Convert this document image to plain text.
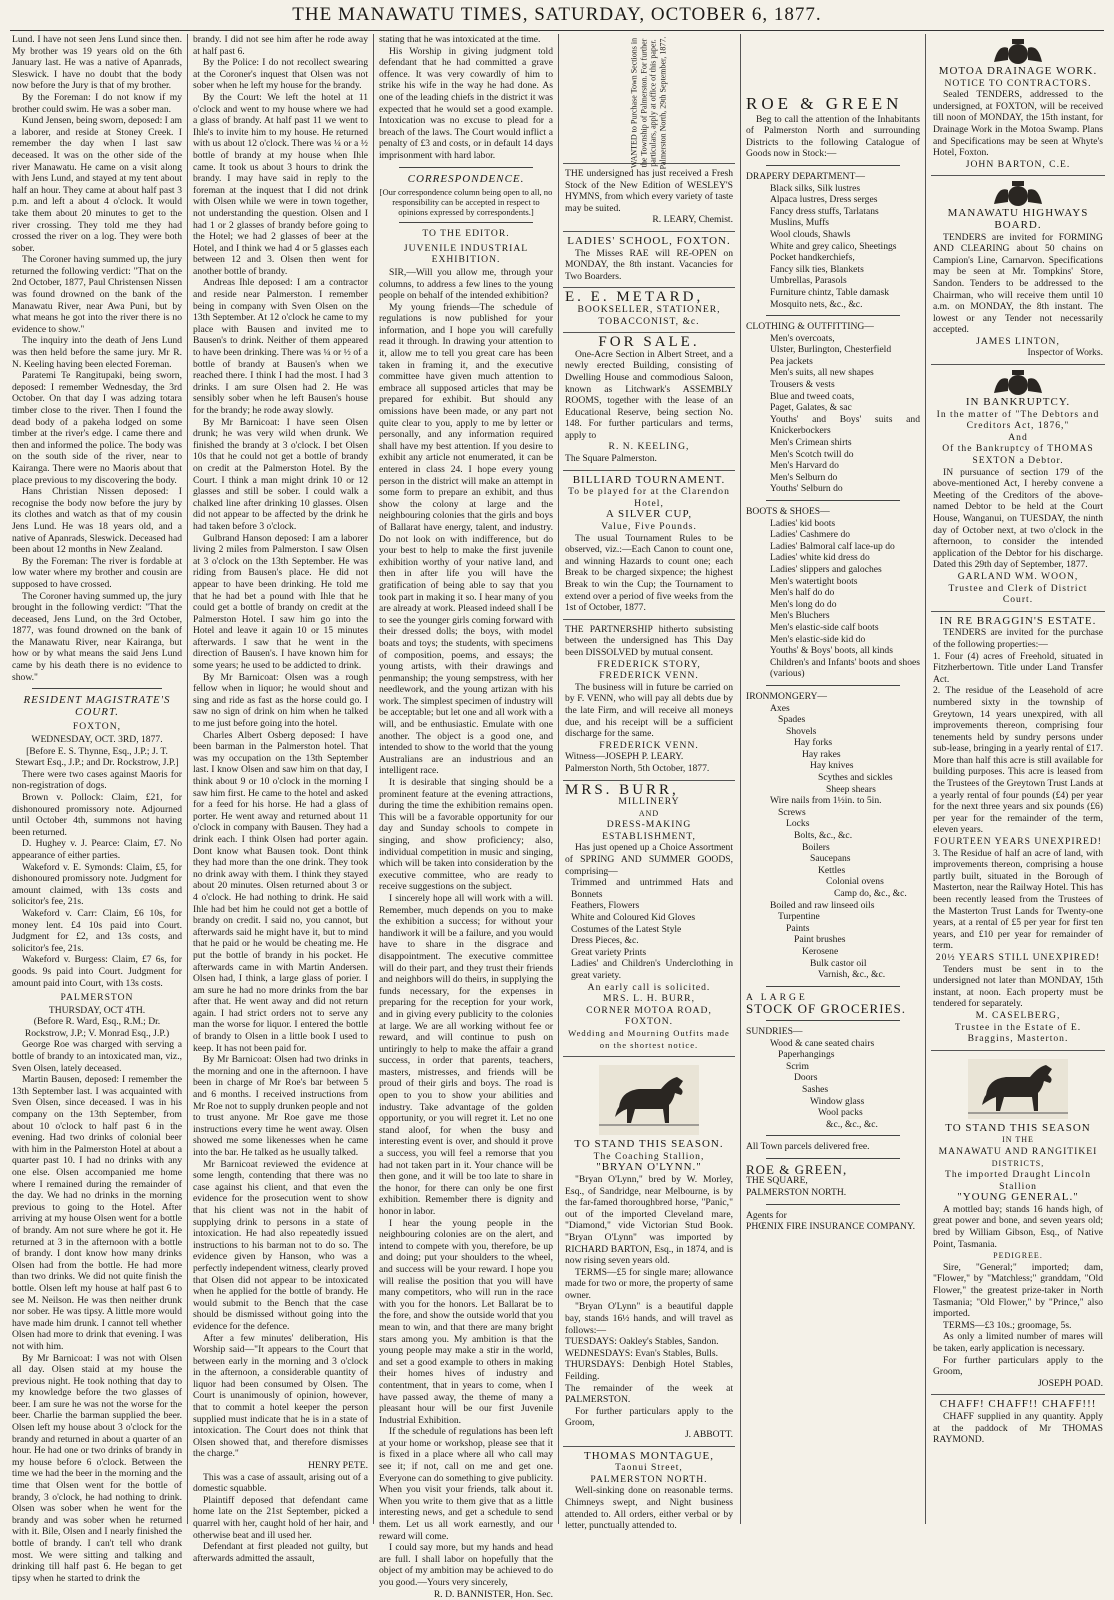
THE MANAWATU TIMES, SATURDAY, OCTOBER 6, 1877.

Lund. I have not seen Jens Lund since then. My brother was 19 years old on the 6th January last. He was a native of Apanrads, Sleswick. I have no doubt that the body now before the Jury is that of my brother.

By the Foreman: I do not know if my brother could swim. He was a sober man.

Kund Jensen, being sworn, deposed: I am a laborer, and reside at Stoney Creek. I remember the day when I last saw deceased. It was on the other side of the river Manawatu. He came on a visit along with Jens Lund, and stayed at my tent about half an hour. They came at about half past 3 p.m. and left a about 4 o'clock. It would take them about 20 minutes to get to the river crossing. They told me they had crossed the river on a log. They were both sober.

The Coroner having summed up, the jury returned the following verdict: "That on the 2nd October, 1877, Paul Christensen Nissen was found drowned on the bank of the Manawatu River, near Awa Puni, but by what means he got into the river there is no evidence to show."

The inquiry into the death of Jens Lund was then held before the same jury. Mr R. N. Keeling having been elected Foreman.

Paratemi Te Rangitupaki, being sworn, deposed: I remember Wednesday, the 3rd October. On that day I was adzing totara timber close to the river. Then I found the dead body of a pakeha lodged on some timber at the river's edge. I came there and then and informed the police. The body was on the south side of the river, near to Kairanga. There were no Maoris about that place previous to my discovering the body.

Hans Christian Nissen deposed: I recognise the body now before the jury by its clothes and watch as that of my cousin Jens Lund. He was 18 years old, and a native of Apanrads, Sleswick. Deceased had been about 12 months in New Zealand.

By the Foreman: The river is fordable at low water where my brother and cousin are supposed to have crossed.

The Coroner having summed up, the jury brought in the following verdict: "That the deceased, Jens Lund, on the 3rd October, 1877, was found drowned on the bank of the Manawatu River, near Kairanga, but how or by what means the said Jens Lund came by his death there is no evidence to show."

RESIDENT MAGISTRATE'S COURT.
FOXTON,
WEDNESDAY, OCT. 3RD, 1877.

[Before E. S. Thynne, Esq., J.P.; J. T. Stewart Esq., J.P.; and Dr. Rockstrow, J.P.]

There were two cases against Maoris for non-registration of dogs.

Brown v. Pollock: Claim, £21, for dishonoured promissory note. Adjourned until October 4th, summons not having been returned.

D. Hughey v. J. Pearce: Claim, £7. No appearance of either parties.

Wakeford v. E. Symonds: Claim, £5, for dishonoured promissory note. Judgment for amount claimed, with 13s costs and solicitor's fee, 21s.

Wakeford v. Carr: Claim, £6 10s, for money lent. £4 10s paid into Court. Judgment for £2, and 13s costs, and solicitor's fee, 21s.

Wakeford v. Burgess: Claim, £7 6s, for goods. 9s paid into Court. Judgment for amount paid into Court, with 13s costs.

PALMERSTON
THURSDAY, OCT 4TH.

(Before R. Ward, Esq., R.M.; Dr. Rockstrow, J.P.; V. Monrad Esq., J.P.)

George Roe was charged with serving a bottle of brandy to an intoxicated man, viz., Sven Olsen, lately deceased.

Martin Bausen, deposed: I remember the 13th September last. I was acquainted with Sven Olsen, since deceased. I was in his company on the 13th September, from about 10 o'clock to half past 6 in the evening. Had two drinks of colonial beer with him in the Palmerston Hotel at about a quarter past 10. I had no drinks with any one else. Olsen accompanied me home where I remained during the remainder of the day. We had no drinks in the morning previous to going to the Hotel. After arriving at my house Olsen went for a bottle of brandy. Am not sure where he got it. He returned at 3 in the afternoon with a bottle of brandy. I dont know how many drinks Olsen had from the bottle. He had more than two drinks. We did not quite finish the bottle. Olsen left my house at half past 6 to see M. Neilson. He was then neither drunk nor sober. He was tipsy. A little more would have made him drunk. I cannot tell whether Olsen had more to drink that evening. I was not with him.

By Mr Barnicoat: I was not with Olsen all day. Olsen staid at my house the previous night. He took nothing that day to my knowledge before the two glasses of beer. I am sure he was not the worse for the beer. Charlie the barman supplied the beer. Olsen left my house about 3 o'clock for the brandy and returned in about a quarter of an hour. He had one or two drinks of brandy in my house before 6 o'clock. Between the time we had the beer in the morning and the time that Olsen went for the bottle of brandy, 3 o'clock, he had nothing to drink. Olsen was sober when he went for the brandy and was sober when he returned with it. Bile, Olsen and I nearly finished the bottle of brandy. I can't tell who drank most. We were sitting and talking and drinking till half past 6. He began to get tipsy when he started to drink the

brandy. I did not see him after he rode away at half past 6.

By the Police: I do not recollect swearing at the Coroner's inquest that Olsen was not sober when he left my house for the brandy.

By the Court: We left the hotel at 11 o'clock and went to my house where we had a glass of brandy. At half past 11 we went to Ihle's to invite him to my house. He returned with us about 12 o'clock. There was ¼ or a ½ bottle of brandy at my house when Ihle came. It took us about 3 hours to drink the brandy. I may have said in reply to the foreman at the inquest that I did not drink with Olsen while we were in town together, not understanding the question. Olsen and I had 1 or 2 glasses of brandy before going to the Hotel; we had 2 glasses of beer at the Hotel, and I think we had 4 or 5 glasses each between 12 and 3. Olsen then went for another bottle of brandy.

Andreas Ihle deposed: I am a contractor and reside near Palmerston. I remember being in company with Sven Olsen on the 13th September. At 12 o'clock he came to my place with Bausen and invited me to Bausen's to drink. Neither of them appeared to have been drinking. There was ¼ or ½ of a bottle of brandy at Bausen's when we reached there. I think I had the most. I had 3 drinks. I am sure Olsen had 2. He was sensibly sober when he left Bausen's house for the brandy; he rode away slowly.

By Mr Barnicoat: I have seen Olsen drunk; he was very wild when drunk. We finished the brandy at 3 o'clock. I bet Olsen 10s that he could not get a bottle of brandy on credit at the Palmerston Hotel. By the Court. I think a man might drink 10 or 12 glasses and still be sober. I could walk a chalked line after drinking 10 glasses. Olsen did not appear to be affected by the drink he had taken before 3 o'clock.

Gulbrand Hanson deposed: I am a laborer living 2 miles from Palmerston. I saw Olsen at 3 o'clock on the 13th September. He was riding from Bausen's place. He did not appear to have been drinking. He told me that he had bet a pound with Ihle that he could get a bottle of brandy on credit at the Palmerston Hotel. I saw him go into the Hotel and leave it again 10 or 15 minutes afterwards. I saw that he went in the direction of Bausen's. I have known him for some years; he used to be addicted to drink.

By Mr Barnicoat: Olsen was a rough fellow when in liquor; he would shout and sing and ride as fast as the horse could go. I saw no sign of drink on him when he talked to me just before going into the hotel.

Charles Albert Osberg deposed: I have been barman in the Palmerston hotel. That was my occupation on the 13th September last. I know Olsen and saw him on that day, I think about 9 or 10 o'clock in the morning I saw him first. He came to the hotel and asked for a feed for his horse. He had a glass of porter. He went away and returned about 11 o'clock in company with Bausen. They had a drink each. I think Olsen had porter again. Dont know what Bausen took. Dont think they had more than the one drink. They took no drink away with them. I think they stayed about 20 minutes. Olsen returned about 3 or 4 o'clock. He had nothing to drink. He said Ihle had bet him he could not get a bottle of brandy on credit. I said no, you cannot, but afterwards said he might have it, but to mind that he paid or he would be cheating me. He put the bottle of brandy in his pocket. He afterwards came in with Martin Andersen. Olsen had, I think, a large glass of porier. I am sure he had no more drinks from the bar after that. He went away and did not return again. I had strict orders not to serve any man the worse for liquor. I entered the bottle of brandy to Olsen in a little book I used to keep. It has not been paid for.

By Mr Barnicoat: Olsen had two drinks in the morning and one in the afternoon. I have been in charge of Mr Roe's bar between 5 and 6 months. I received instructions from Mr Roe not to supply drunken people and not to trust anyone. Mr Roe gave me those instructions every time he went away. Olsen showed me some likenesses when he came into the bar. He talked as he usually talked.

Mr Barnicoat reviewed the evidence at some length, contending that there was no case against his client, and that even the evidence for the prosecution went to show that his client was not in the habit of supplying drink to persons in a state of intoxication. He had also repeatedly issued instructions to his barman not to do so. The evidence given by Hanson, who was a perfectly independent witness, clearly proved that Olsen did not appear to be intoxicated when he applied for the bottle of brandy. He would submit to the Bench that the case should be dismissed without going into the evidence for the defence.

After a few minutes' deliberation, His Worship said—"It appears to the Court that between early in the morning and 3 o'clock in the afternoon, a considerable quantity of liquor had been consumed by Olsen. The Court is unanimously of opinion, however, that to commit a hotel keeper the person supplied must indicate that he is in a state of intoxication. The Court does not think that Olsen showed that, and therefore dismisses the charge."

HENRY PETE.

This was a case of assault, arising out of a domestic squabble.

Plaintiff deposed that defendant came home late on the 21st September, picked a quarrel with her, caught hold of her hair, and otherwise beat and ill used her.

Defendant at first pleaded not guilty, but afterwards admitted the assault,

stating that he was intoxicated at the time.

His Worship in giving judgment told defendant that he had committed a grave offence. It was very cowardly of him to strike his wife in the way he had done. As one of the leading chiefs in the district it was expected that he would set a good example. Intoxication was no excuse to plead for a breach of the laws. The Court would inflict a penalty of £3 and costs, or in default 14 days imprisonment with hard labor.

CORRESPONDENCE.

[Our correspondence column being open to all, no responsibility can be accepted in respect to opinions expressed by correspondents.]

TO THE EDITOR.
JUVENILE INDUSTRIAL EXHIBITION.

SIR,—Will you allow me, through your columns, to address a few lines to the young people on behalf of the intended exhibition?

My young friends—The schedule of regulations is now published for your information, and I hope you will carefully read it through. In drawing your attention to it, allow me to tell you great care has been taken in framing it, and the executive committee have given much attention to embrace all supposed articles that may be prepared for exhibit. But should any omissions have been made, or any part not quite clear to you, apply to me by letter or personally, and any information required shall have my best attention. If you desire to exhibit any article not enumerated, it can be entered in class 24. I hope every young person in the district will make an attempt in some form to prepare an exhibit, and thus show the colony at large and the neighbouring colonies that the girls and boys of Ballarat have energy, talent, and industry. Do not look on with indifference, but do your best to help to make the first juvenile exhibition worthy of your native land, and then in after life you will have the gratification of being able to say that you took part in making it so. I hear many of you are already at work. Pleased indeed shall I be to see the younger girls coming forward with their dressed dolls; the boys, with model boats and toys; the students, with specimens of composition, poems, and essays; the young artists, with their drawings and penmanship; the young sempstress, with her needlework, and the young artizan with his work. The simplest specimen of industry will be acceptable; but let one and all work with a will, and be enthusiastic. Emulate with one another. The object is a good one, and intended to show to the world that the young Australians are an industrious and an intelligent race.

It is desirable that singing should be a prominent feature at the evening attractions, during the time the exhibition remains open. This will be a favorable opportunity for our day and Sunday schools to compete in singing, and show proficiency; also, individual competition in music and singing, which will be taken into consideration by the executive committee, who are ready to receive suggestions on the subject.

I sincerely hope all will work with a will. Remember, much depends on you to make the exhibition a success; for without your handiwork it will be a failure, and you would have to share in the disgrace and disappointment. The executive committee will do their part, and they trust their friends and neighbors will do theirs, in supplying the funds necessary, for the expenses in preparing for the reception for your work, and in giving every publicity to the colonies at large. We are all working without fee or reward, and will continue to push on untiringly to help to make the affair a grand success, in order that parents, teachers, masters, mistresses, and friends will be proud of their girls and boys. The road is open to you to show your abilities and industry. Take advantage of the golden opportunity, or you will regret it. Let no one stand aloof, for when the busy and interesting event is over, and should it prove a success, you will feel a remorse that you had not taken part in it. Your chance will be then gone, and it will be too late to share in the honor, for there can only be one first exhibition. Remember there is dignity and honor in labor.

I hear the young people in the neighbouring colonies are on the alert, and intend to compete with you, therefore, be up and doing; put your shoulders to the wheel, and success will be your reward. I hope you will realise the position that you will have many competitors, who will run in the race with you for the honors. Let Ballarat be to the fore, and show the outside world that you mean to win, and that there are many bright stars among you. My ambition is that the young people may make a stir in the world, and set a good example to others in making their homes hives of industry and contentment, that in years to come, when I have passed away, the theme of many a pleasant hour will be our first Juvenile Industrial Exhibition.

If the schedule of regulations has been left at your home or workshop, please see that it is fixed in a place where all who call may see it; if not, call on me and get one. Everyone can do something to give publicity. When you visit your friends, talk about it. When you write to them give that as a little interesting news, and get a schedule to send them. Let us all work earnestly, and our reward will come.

I could say more, but my hands and head are full. I shall labor on hopefully that the object of my ambition may be achieved to do you good.—Yours very sincerely,

R. D. BANNISTER, Hon. Sec.
WANTED to Purchase Town Sections in the Township of Palmerston. For further particulars, apply at office of this paper. Palmerston North, 29th September, 1877.

THE undersigned has just received a Fresh Stock of the New Edition of WESLEY'S HYMNS, from which every variety of taste may be suited.

R. LEARY, Chemist.
LADIES' SCHOOL, FOXTON.

The Misses RAE will RE-OPEN on MONDAY, the 8th instant. Vacancies for Two Boarders.

E. E. METARD,
BOOKSELLER, STATIONER,
TOBACCONIST, &c.
FOR SALE.

One-Acre Section in Albert Street, and a newly erected Building, consisting of Dwelling House and commodious Saloon, known as Litchwark's ASSEMBLY ROOMS, together with the lease of an Educational Reserve, being section No. 148. For further particulars and terms, apply to

R. N. KEELING,
The Square Palmerston.
BILLIARD TOURNAMENT.
To be played for at the Clarendon Hotel,
A SILVER CUP,
Value, Five Pounds.

The usual Tournament Rules to be observed, viz.:—Each Canon to count one, and winning Hazards to count one; each Break to be charged sixpence; the highest Break to win the Cup; the Tournament to extend over a period of five weeks from the 1st of October, 1877.

THE PARTNERSHIP hitherto subsisting between the undersigned has This Day been DISSOLVED by mutual consent.

FREDERICK STORY,
FREDERICK VENN.

The business will in future be carried on by F. VENN, who will pay all debts due by the late Firm, and will receive all moneys due, and his receipt will be a sufficient discharge for the same.

FREDERICK VENN.
Witness—JOSEPH P. LEARY.
Palmerston North, 5th October, 1877.
MRS. BURR,
MILLINERY
AND
DRESS-MAKING ESTABLISHMENT,

Has just opened up a Choice Assortment of SPRING AND SUMMER GOODS, comprising—

Trimmed and untrimmed Hats and Bonnets
Feathers, Flowers
White and Coloured Kid Gloves
Costumes of the Latest Style
Dress Pieces, &c.
Great variety Prints
Ladies' and Children's Underclothing in great variety.
An early call is solicited.
MRS. L. H. BURR,
CORNER MOTOA ROAD, FOXTON.
Wedding and Mourning Outfits made on the shortest notice.
TO STAND THIS SEASON.
The Coaching Stallion,
"BRYAN O'LYNN."

"Bryan O'Lynn," bred by W. Morley, Esq., of Sandridge, near Melbourne, is by the far-famed thoroughbred horse, "Panic," out of the imported Cleveland mare, "Diamond," vide Victorian Stud Book. "Bryan O'Lynn" was imported by RICHARD BARTON, Esq., in 1874, and is now rising seven years old.

TERMS—£5 for single mare; allowance made for two or more, the property of same owner.

"Bryan O'Lynn" is a beautiful dapple bay, stands 16½ hands, and will travel as follows:—

TUESDAYS: Oakley's Stables, Sandon.
WEDNESDAYS: Evan's Stables, Bulls.
THURSDAYS: Denbigh Hotel Stables, Feilding.
The remainder of the week at PALMERSTON.

For further particulars apply to the Groom,

J. ABBOTT.
THOMAS MONTAGUE,
Taonui Street,
PALMERSTON NORTH.

Well-sinking done on reasonable terms. Chimneys swept, and Night business attended to. All orders, either verbal or by letter, punctually attended to.

ROE & GREEN

Beg to call the attention of the Inhabitants of Palmerston North and surrounding Districts to the following Catalogue of Goods now in Stock:—

DRAPERY DEPARTMENT—
Black silks, Silk lustres
Alpaca lustres, Dress serges
Fancy dress stuffs, Tarlatans
Muslins, Muffs
Wool clouds, Shawls
White and grey calico, Sheetings
Pocket handkerchiefs,
Fancy silk ties, Blankets
Umbrellas, Parasols
Furniture chintz, Table damask
Mosquito nets, &c., &c.
CLOTHING & OUTFITTING—
Men's overcoats,
Ulster, Burlington, Chesterfield
Pea jackets
Men's suits, all new shapes
Trousers & vests
Blue and tweed coats,
Paget, Galates, & sac
Youths' and Boys' suits and Knickerbockers
Men's Crimean shirts
Men's Scotch twill do
Men's Harvard do
Men's Selburn do
Youths' Selburn do
BOOTS & SHOES—
Ladies' kid boots
Ladies' Cashmere do
Ladies' Balmoral calf lace-up do
Ladies' white kid dress do
Ladies' slippers and galoches
Men's watertight boots
Men's half do do
Men's long do do
Men's Bluchers
Men's elastic-side calf boots
Men's elastic-side kid do
Youths' & Boys' boots, all kinds
Children's and Infants' boots and shoes (various)
IRONMONGERY—
Axes
Spades
Shovels
Hay forks
Hay rakes
Hay knives
Scythes and sickles
Sheep shears
Wire nails from 1½in. to 5in.
Screws
Locks
Bolts, &c., &c.
Boilers
Saucepans
Kettles
Colonial ovens
Camp do, &c., &c.
Boiled and raw linseed oils
Turpentine
Paints
Paint brushes
Kerosene
Bulk castor oil
Varnish, &c., &c.
A LARGE
STOCK OF GROCERIES.
SUNDRIES—
Wood & cane seated chairs
Paperhangings
Scrim
Doors
Sashes
Window glass
Wool packs
&c., &c., &c.
All Town parcels delivered free.
ROE & GREEN,
THE SQUARE,
PALMERSTON NORTH.
Agents for
PHŒNIX FIRE INSURANCE COMPANY.
MOTOA DRAINAGE WORK.
NOTICE TO CONTRACTORS.

Sealed TENDERS, addressed to the undersigned, at FOXTON, will be received till noon of MONDAY, the 15th instant, for Drainage Work in the Motoa Swamp. Plans and Specifications may be seen at Whyte's Hotel, Foxton.

JOHN BARTON, C.E.
MANAWATU HIGHWAYS BOARD.

TENDERS are invited for FORMING AND CLEARING about 50 chains on Campion's Line, Carnarvon. Specifications may be seen at Mr. Tompkins' Store, Sandon. Tenders to be addressed to the Chairman, who will receive them until 10 a.m. on MONDAY, the 8th instant. The lowest or any Tender not necessarily accepted.

JAMES LINTON,
Inspector of Works.
IN BANKRUPTCY.
In the matter of "The Debtors and Creditors Act, 1876,"
And
Of the Bankruptcy of THOMAS SEXTON a Debtor.

IN pursuance of section 179 of the above-mentioned Act, I hereby convene a Meeting of the Creditors of the above-named Debtor to be held at the Court House, Wanganui, on TUESDAY, the ninth day of October next, at two o'clock in the afternoon, to consider the intended application of the Debtor for his discharge. Dated this 29th day of September, 1877.

GARLAND WM. WOON,
Trustee and Clerk of District Court.
IN RE BRAGGIN'S ESTATE.

TENDERS are invited for the purchase of the following properties:—

1. Four (4) acres of Freehold, situated in Fitzherbertown. Title under Land Transfer Act.

2. The residue of the Leasehold of acre numbered sixty in the township of Greytown, 14 years unexpired, with all improvements thereon, comprising four tenements held by sundry persons under sub-lease, bringing in a yearly rental of £17. More than half this acre is still available for building purposes. This acre is leased from the Trustees of the Greytown Trust Lands at a yearly rental of four pounds (£4) per year for the next three years and six pounds (£6) per year for the remainder of the term, eleven years.

FOURTEEN YEARS UNEXPIRED!

3. The Residue of half an acre of land, with improvements thereon, comprising a house partly built, situated in the Borough of Masterton, near the Railway Hotel. This has been recently leased from the Trustees of the Masterton Trust Lands for Twenty-one years, at a rental of £5 per year for first ten years, and £10 per year for remainder of term.

20½ YEARS STILL UNEXPIRED!

Tenders must be sent in to the undersigned not later than MONDAY, 15th instant, at noon. Each property must be tendered for separately.

M. CASELBERG,
Trustee in the Estate of E. Braggins, Masterton.
TO STAND THIS SEASON
IN THE
MANAWATU AND RANGITIKEI
DISTRICTS,
The imported Draught Lincoln Stallion
"YOUNG GENERAL."

A mottled bay; stands 16 hands high, of great power and bone, and seven years old; bred by William Gibson, Esq., of Native Point, Tasmania.

PEDIGREE.

Sire, "General;" imported; dam, "Flower," by "Matchless;" granddam, "Old Flower," the greatest prize-taker in North Tasmania; "Old Flower," by "Prince," also imported.

TERMS—£3 10s.; groomage, 5s.

As only a limited number of mares will be taken, early application is necessary.

For further particulars apply to the Groom,

JOSEPH POAD.
CHAFF! CHAFF!! CHAFF!!!

CHAFF supplied in any quantity. Apply at the paddock of Mr THOMAS RAYMOND.
